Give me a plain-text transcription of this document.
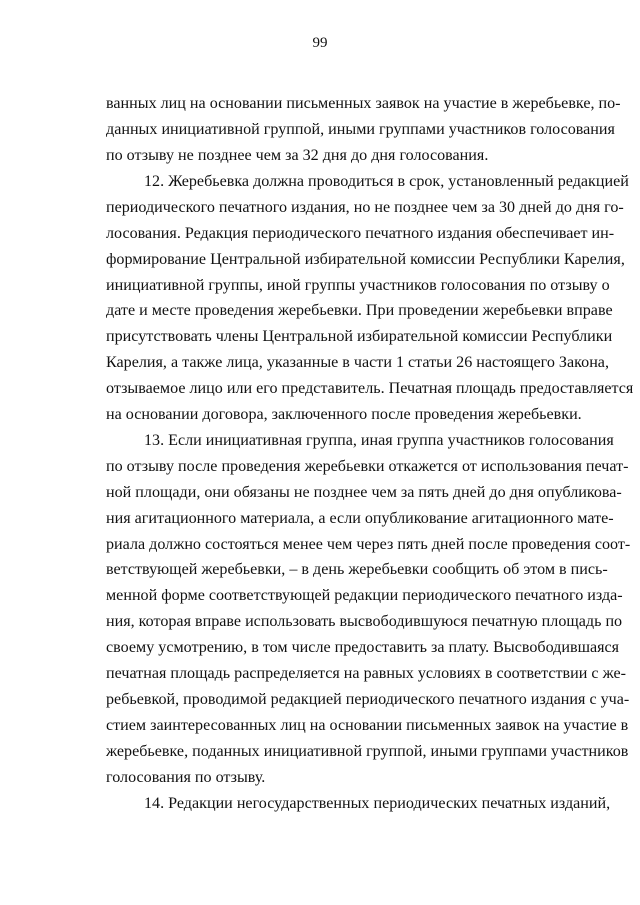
99
ванных лиц на основании письменных заявок на участие в жеребьевке, по-
данных инициативной группой, иными группами участников голосования
по отзыву не позднее чем за 32 дня до дня голосования.
12. Жеребьевка должна проводиться в срок, установленный редакцией
периодического печатного издания, но не позднее чем за 30 дней до дня го-
лосования. Редакция периодического печатного издания обеспечивает ин-
формирование Центральной избирательной комиссии Республики Карелия,
инициативной группы, иной группы участников голосования по отзыву о
дате и месте проведения жеребьевки. При проведении жеребьевки вправе
присутствовать члены Центральной избирательной комиссии Республики
Карелия, а также лица, указанные в части 1 статьи 26 настоящего Закона,
отзываемое лицо или его представитель. Печатная площадь предоставляется
на основании договора, заключенного после проведения жеребьевки.
13. Если инициативная группа, иная группа участников голосования
по отзыву после проведения жеребьевки откажется от использования печат-
ной площади, они обязаны не позднее чем за пять дней до дня опубликова-
ния агитационного материала, а если опубликование агитационного мате-
риала должно состояться менее чем через пять дней после проведения соот-
ветствующей жеребьевки, – в день жеребьевки сообщить об этом в пись-
менной форме соответствующей редакции периодического печатного изда-
ния, которая вправе использовать высвободившуюся печатную площадь по
своему усмотрению, в том числе предоставить за плату. Высвободившаяся
печатная площадь распределяется на равных условиях в соответствии с же-
ребьевкой, проводимой редакцией периодического печатного издания с уча-
стием заинтересованных лиц на основании письменных заявок на участие в
жеребьевке, поданных инициативной группой, иными группами участников
голосования по отзыву.
14. Редакции негосударственных периодических печатных изданий,
